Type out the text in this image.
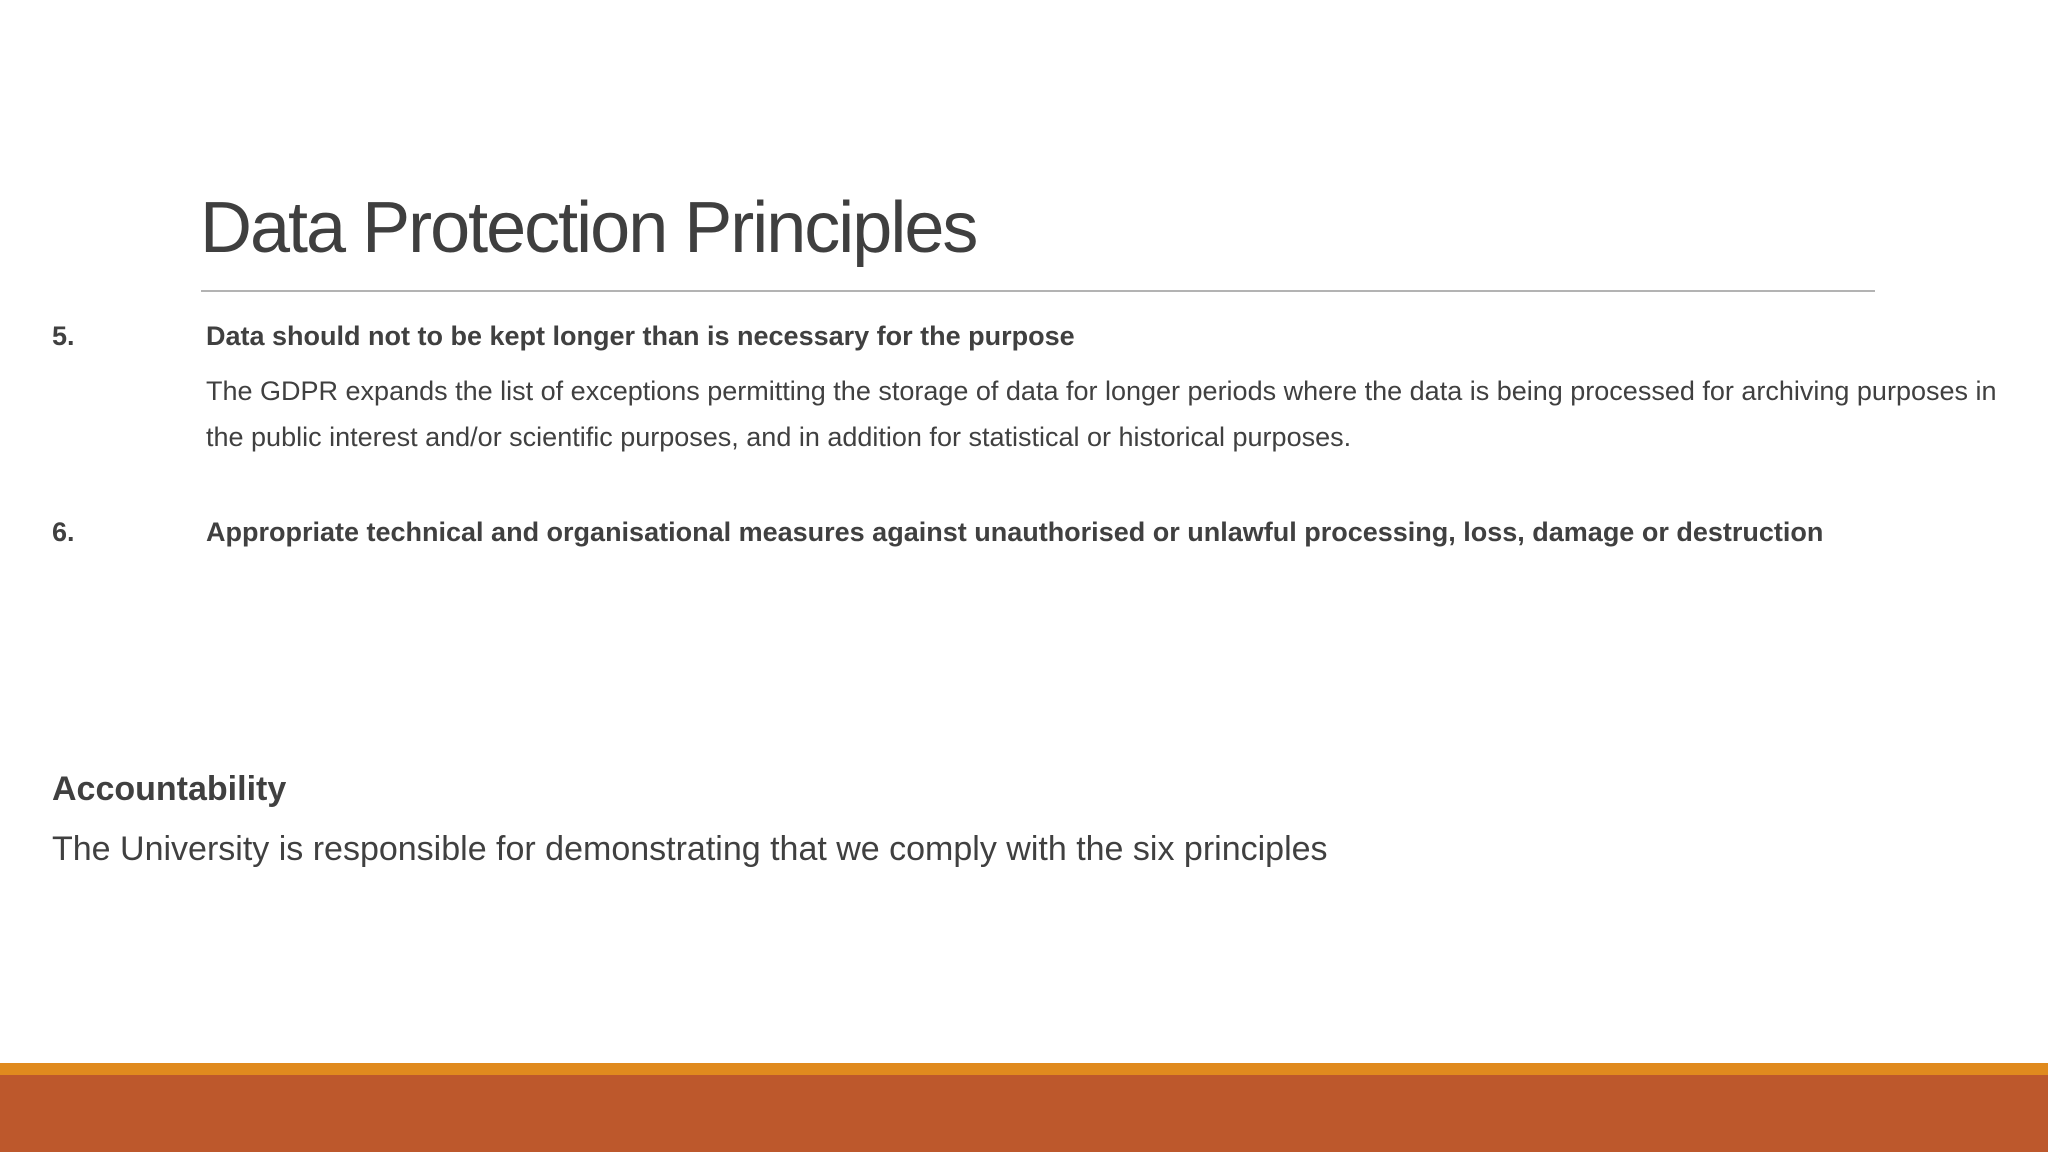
Data Protection Principles
5.	Data should not to be kept longer than is necessary for the purpose
The GDPR expands the list of exceptions permitting the storage of data for longer periods where the data is being processed for archiving purposes in the public interest and/or scientific purposes, and in addition for statistical or historical purposes.
6.	Appropriate technical and organisational measures against unauthorised or unlawful processing, loss, damage or destruction
Accountability
The University is responsible for demonstrating that we comply with the six principles
